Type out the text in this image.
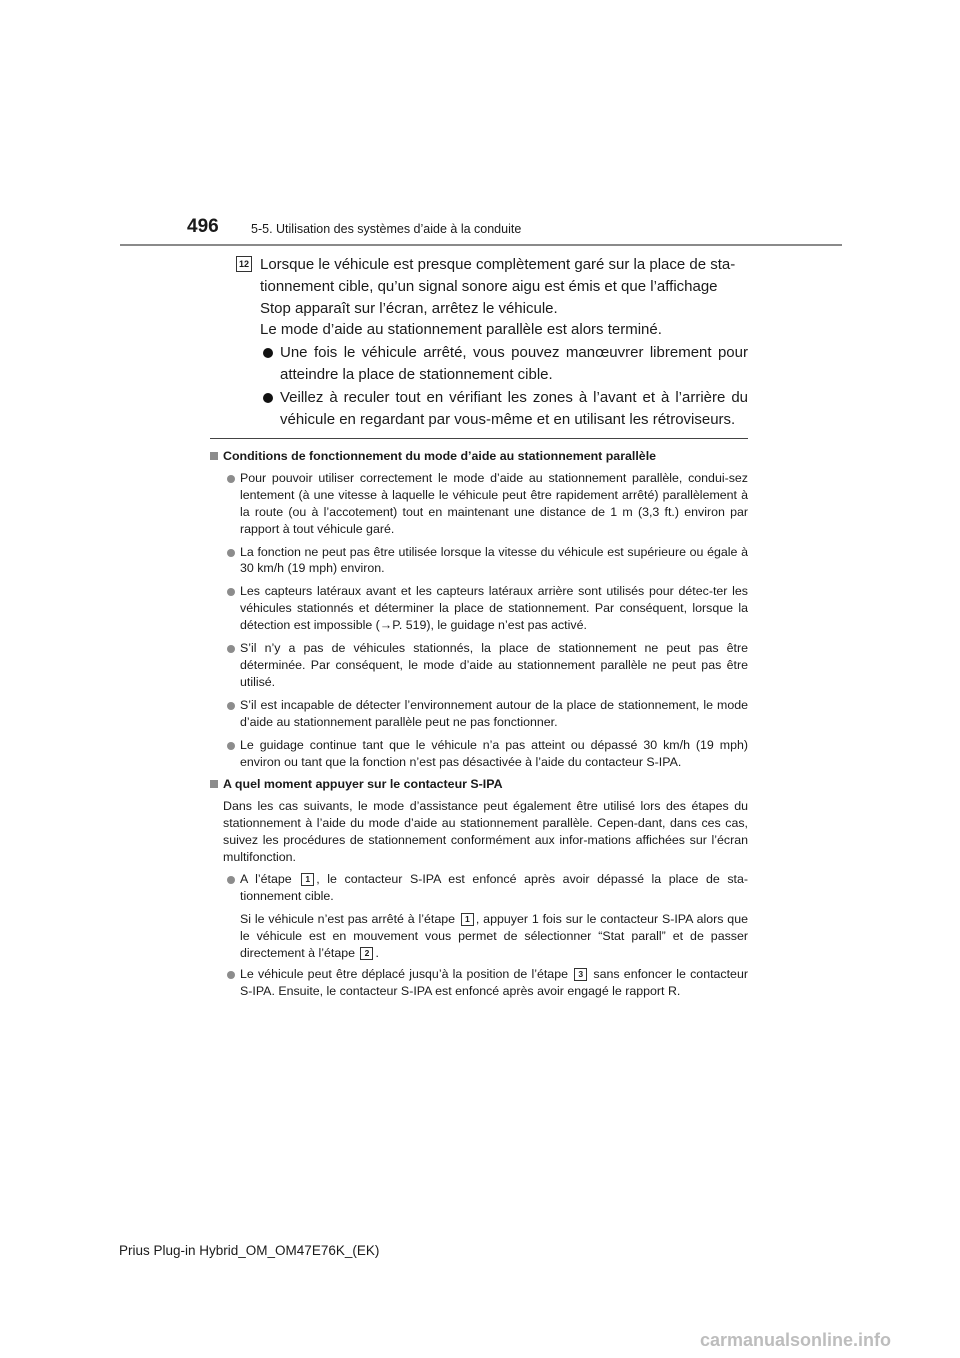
496	5-5. Utilisation des systèmes d’aide à la conduite
12 Lorsque le véhicule est presque complètement garé sur la place de sta-
tionnement cible, qu’un signal sonore aigu est émis et que l’affichage
Stop apparaît sur l’écran, arrêtez le véhicule.
Le mode d’aide au stationnement parallèle est alors terminé.
Une fois le véhicule arrêté, vous pouvez manœuvrer librement pour atteindre la place de stationnement cible.
Veillez à reculer tout en vérifiant les zones à l’avant et à l’arrière du véhicule en regardant par vous-même et en utilisant les rétroviseurs.
Conditions de fonctionnement du mode d’aide au stationnement parallèle
Pour pouvoir utiliser correctement le mode d’aide au stationnement parallèle, condui-sez lentement (à une vitesse à laquelle le véhicule peut être rapidement arrêté) parallèlement à la route (ou à l’accotement) tout en maintenant une distance de 1 m (3,3 ft.) environ par rapport à tout véhicule garé.
La fonction ne peut pas être utilisée lorsque la vitesse du véhicule est supérieure ou égale à 30 km/h (19 mph) environ.
Les capteurs latéraux avant et les capteurs latéraux arrière sont utilisés pour détec-ter les véhicules stationnés et déterminer la place de stationnement. Par conséquent, lorsque la détection est impossible (→P. 519), le guidage n’est pas activé.
S’il n’y a pas de véhicules stationnés, la place de stationnement ne peut pas être déterminée. Par conséquent, le mode d’aide au stationnement parallèle ne peut pas être utilisé.
S’il est incapable de détecter l’environnement autour de la place de stationnement, le mode d’aide au stationnement parallèle peut ne pas fonctionner.
Le guidage continue tant que le véhicule n’a pas atteint ou dépassé 30 km/h (19 mph) environ ou tant que la fonction n’est pas désactivée à l’aide du contacteur S-IPA.
A quel moment appuyer sur le contacteur S-IPA
Dans les cas suivants, le mode d’assistance peut également être utilisé lors des étapes du stationnement à l’aide du mode d’aide au stationnement parallèle. Cepen-dant, dans ces cas, suivez les procédures de stationnement conformément aux infor-mations affichées sur l’écran multifonction.
A l’étape 1 , le contacteur S-IPA est enfoncé après avoir dépassé la place de sta-tionnement cible.
Si le véhicule n’est pas arrêté à l’étape 1 , appuyer 1 fois sur le contacteur S-IPA alors que le véhicule est en mouvement vous permet de sélectionner “Stat parall” et de passer directement à l’étape 2 .
Le véhicule peut être déplacé jusqu’à la position de l’étape 3 sans enfoncer le contacteur S-IPA. Ensuite, le contacteur S-IPA est enfoncé après avoir engagé le rapport R.
Prius Plug-in Hybrid_OM_OM47E76K_(EK)
carmanualsonline.info
